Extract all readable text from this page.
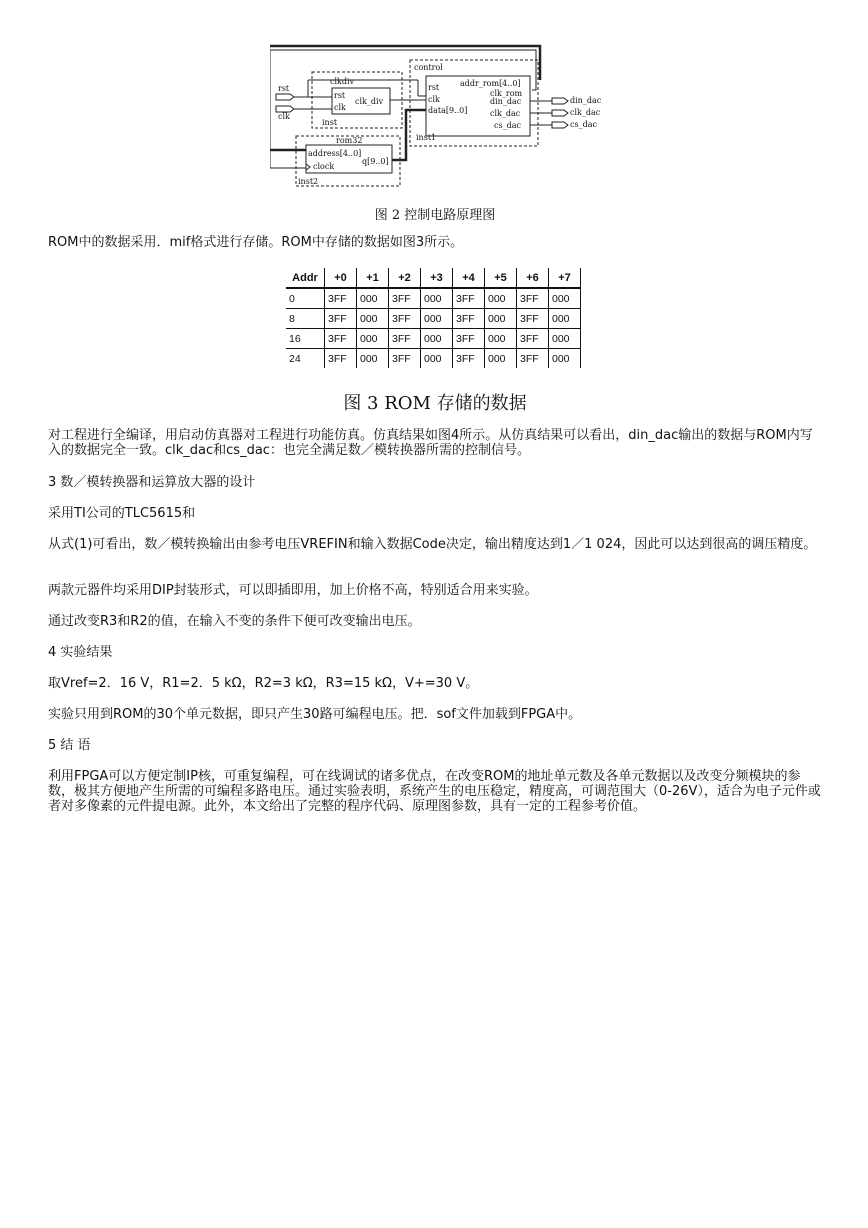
rst
clk
clkdiv
rst
clk
clk_div
inst
control
rst
clk
data[9..0]
addr_rom[4..0]
clk_rom
din_dac
clk_dac
cs_dac
inst1
din_dac
clk_dac
cs_dac
rom32
address[4..0]
clock
q[9..0]
inst2
图 2 控制电路原理图
ROM中的数据采用．mif格式进行存储。ROM中存储的数据如图3所示。
Addr	+0	+1	+2	+3	+4	+5	+6	+7
0	3FF	000	3FF	000	3FF	000	3FF	000
8	3FF	000	3FF	000	3FF	000	3FF	000
16	3FF	000	3FF	000	3FF	000	3FF	000
24	3FF	000	3FF	000	3FF	000	3FF	000
图 3 ROM 存储的数据
对工程进行全编译，用启动仿真器对工程进行功能仿真。仿真结果如图4所示。从仿真结果可以看出，din_dac输出的数据与ROM内写入的数据完全一致。clk_dac和cs_dac：也完全满足数／模转换器所需的控制信号。
3 数／模转换器和运算放大器的设计
采用TI公司的TLC5615和
从式(1)可看出，数／模转换输出由参考电压VREFIN和输入数据Code决定，输出精度达到1／1 024，因此可以达到很高的调压精度。
两款元器件均采用DIP封装形式，可以即插即用，加上价格不高，特别适合用来实验。
通过改变R3和R2的值，在输入不变的条件下便可改变输出电压。
4 实验结果
取Vref=2．16 V，R1=2．5 kΩ，R2=3 kΩ，R3=15 kΩ，V+=30 V。
实验只用到ROM的30个单元数据，即只产生30路可编程电压。把．sof文件加载到FPGA中。
5 结 语
利用FPGA可以方便定制IP核，可重复编程，可在线调试的诸多优点，在改变ROM的地址单元数及各单元数据以及改变分频模块的参数，极其方便地产生所需的可编程多路电压。通过实验表明，系统产生的电压稳定，精度高，可调范围大（0-26V），适合为电子元件或者对多像素的元件提电源。此外，本文给出了完整的程序代码、原理图参数，具有一定的工程参考价值。
